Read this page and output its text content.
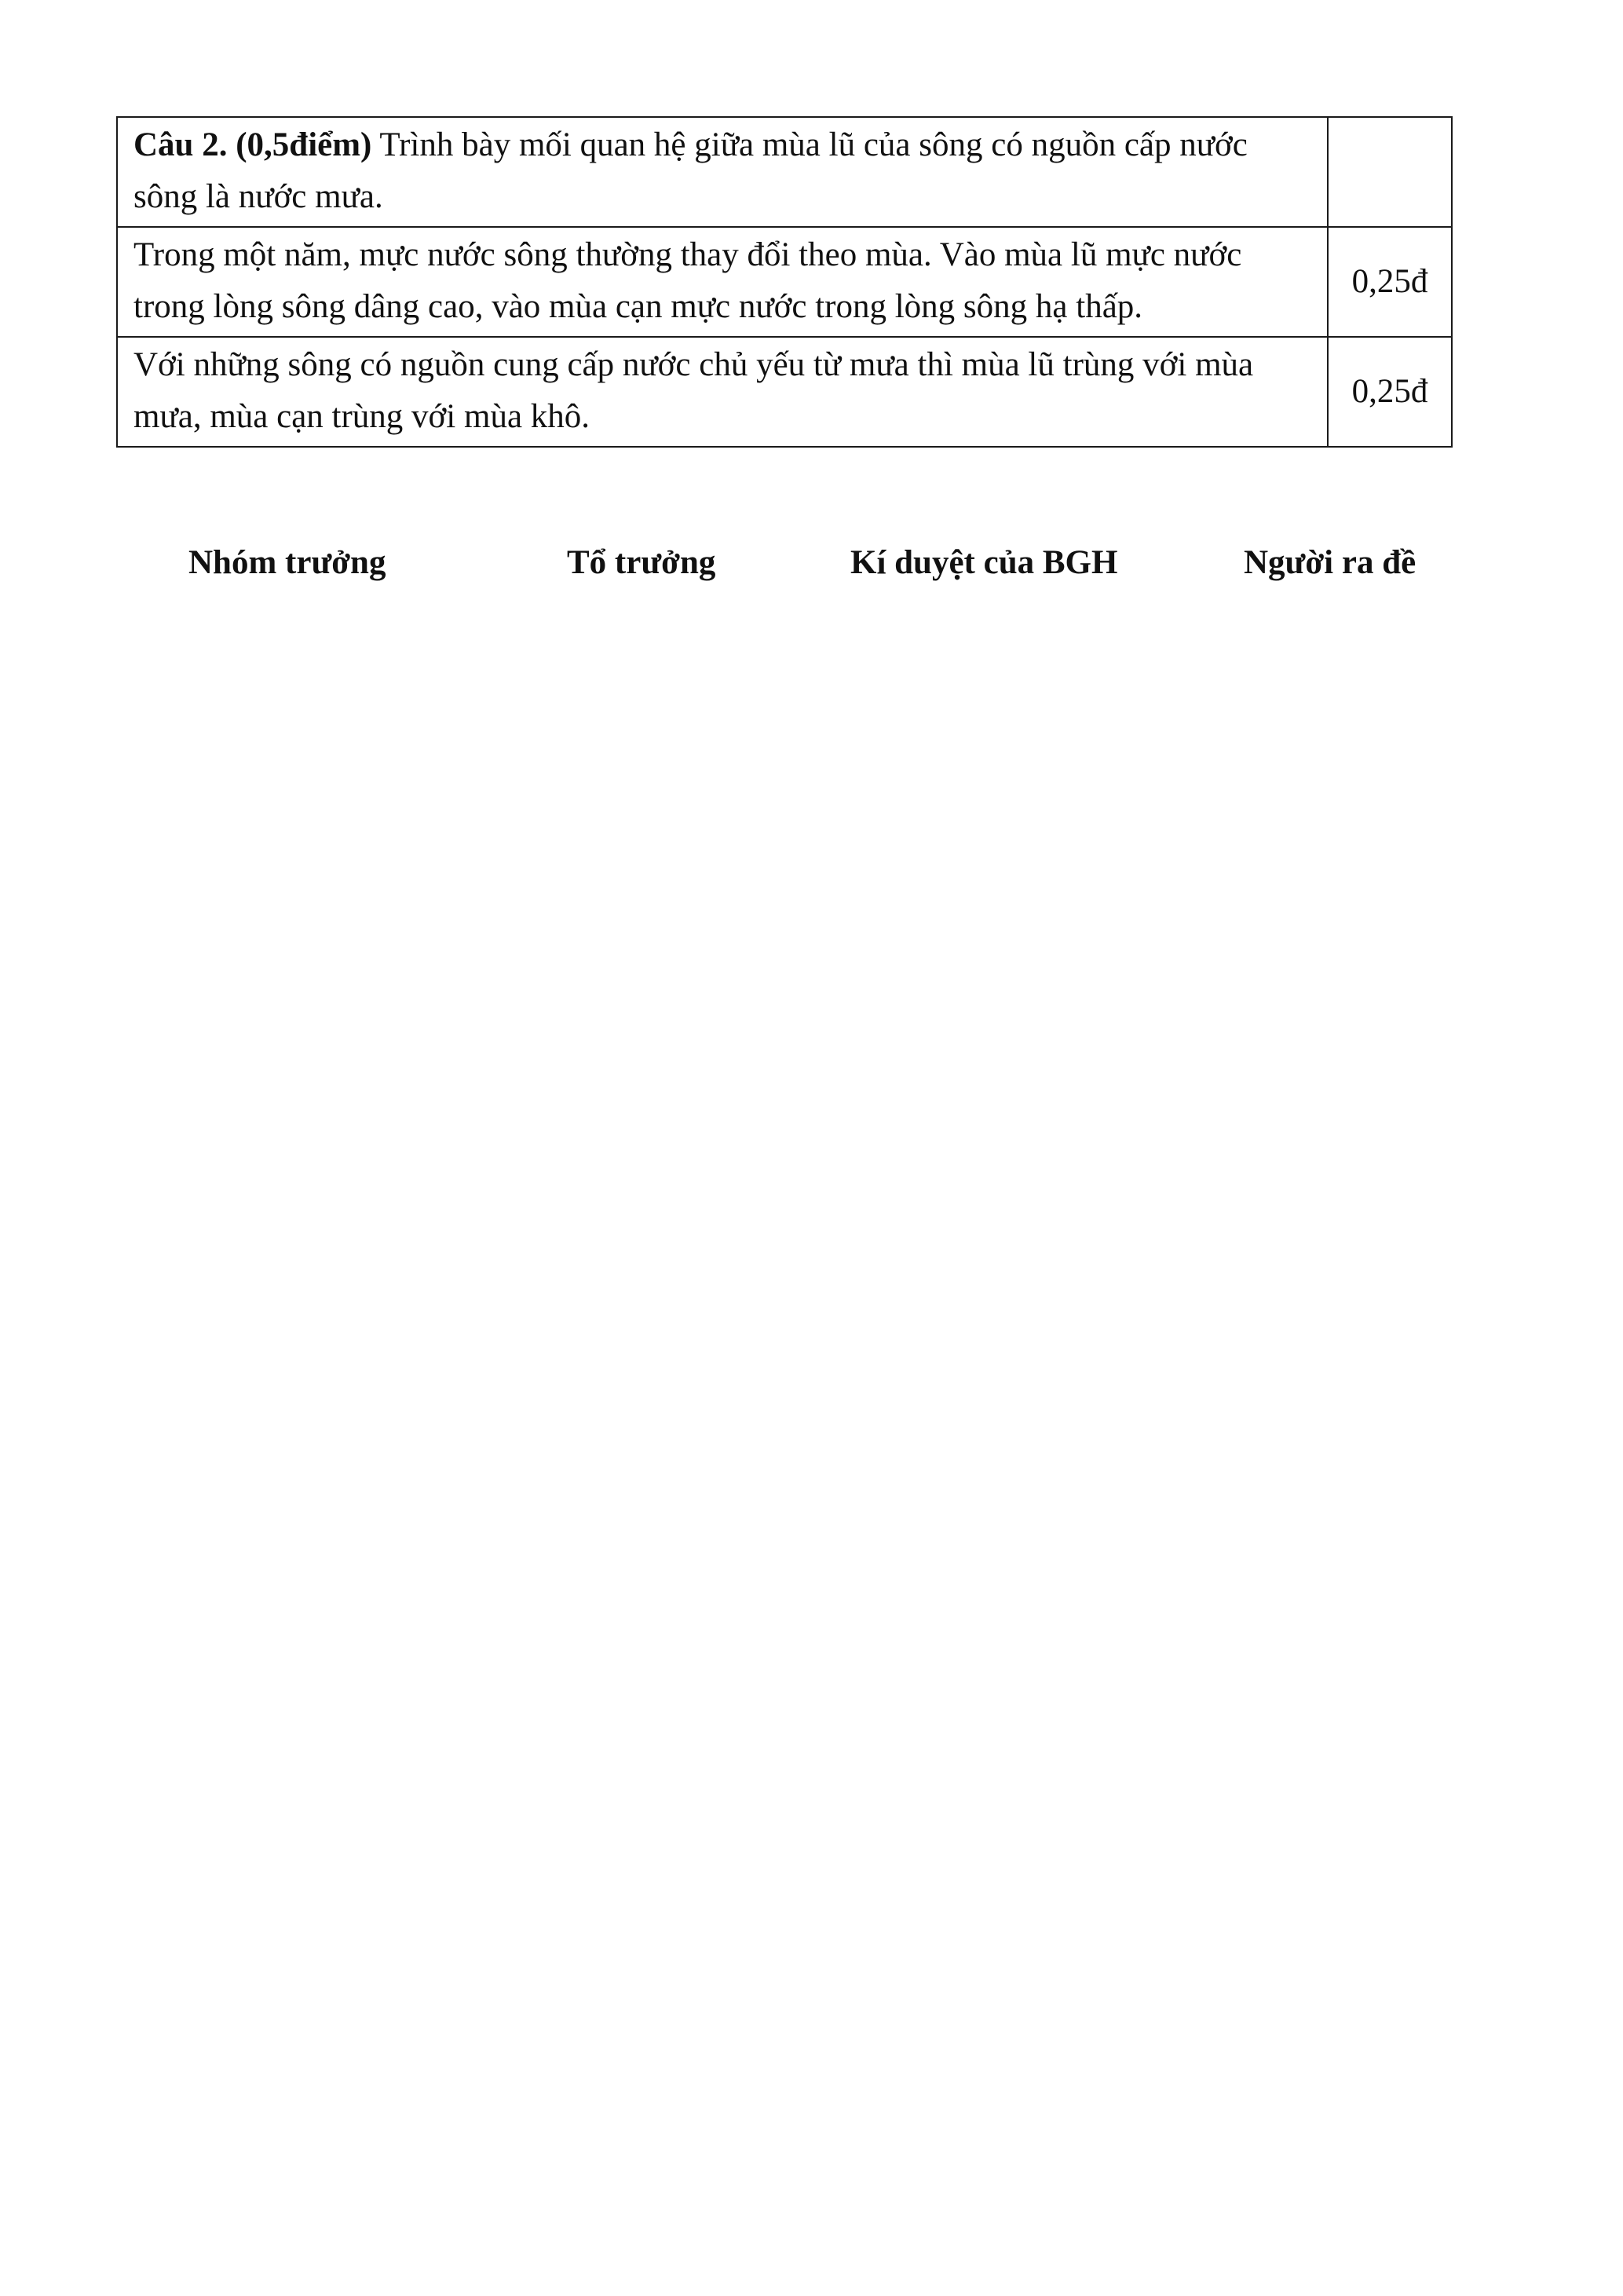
Câu 2. (0,5điểm) Trình bày mối quan hệ giữa mùa lũ của sông có nguồn cấp nước sông là nước mưa.	
Trong một năm, mực nước sông thường thay đổi theo mùa. Vào mùa lũ mực nước trong lòng sông dâng cao, vào mùa cạn mực nước trong lòng sông hạ thấp.	0,25đ
Với những sông có nguồn cung cấp nước chủ yếu từ mưa thì mùa lũ trùng với mùa mưa, mùa cạn trùng với mùa khô.	0,25đ
Nhóm trưởng	Tổ trưởng	Kí duyệt của BGH	Người ra đề
